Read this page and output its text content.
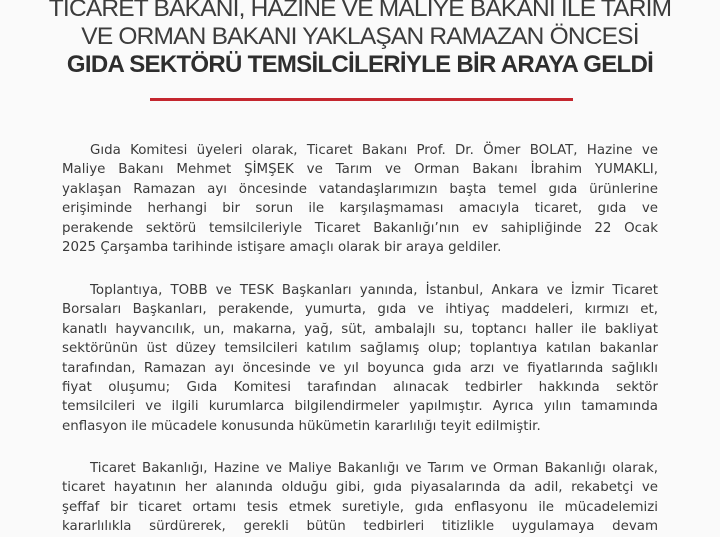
TICARET BAKANI, HAZINE VE MALIYE BAKANI ILE TARIM
VE ORMAN BAKANI YAKLAŞAN RAMAZAN ÖNCESİ
GIDA SEKTÖRÜ TEMSİLCİLERİYLE BİR ARAYA GELDİ
Gıda Komitesi üyeleri olarak, Ticaret Bakanı Prof. Dr. Ömer BOLAT, Hazine ve
Maliye Bakanı Mehmet ŞİMŞEK ve Tarım ve Orman Bakanı İbrahim YUMAKLI,
yaklaşan Ramazan ayı öncesinde vatandaşlarımızın başta temel gıda ürünlerine
erişiminde herhangi bir sorun ile karşılaşmaması amacıyla ticaret, gıda ve
perakende sektörü temsilcileriyle Ticaret Bakanlığı’nın ev sahipliğinde 22 Ocak
2025 Çarşamba tarihinde istişare amaçlı olarak bir araya geldiler.
Toplantıya, TOBB ve TESK Başkanları yanında, İstanbul, Ankara ve İzmir Ticaret
Borsaları Başkanları, perakende, yumurta, gıda ve ihtiyaç maddeleri, kırmızı et,
kanatlı hayvancılık, un, makarna, yağ, süt, ambalajlı su, toptancı haller ile bakliyat
sektörünün üst düzey temsilcileri katılım sağlamış olup; toplantıya katılan bakanlar
tarafından, Ramazan ayı öncesinde ve yıl boyunca gıda arzı ve fiyatlarında sağlıklı
fiyat oluşumu; Gıda Komitesi tarafından alınacak tedbirler hakkında sektör
temsilcileri ve ilgili kurumlarca bilgilendirmeler yapılmıştır. Ayrıca yılın tamamında
enflasyon ile mücadele konusunda hükümetin kararlılığı teyit edilmiştir.
Ticaret Bakanlığı, Hazine ve Maliye Bakanlığı ve Tarım ve Orman Bakanlığı olarak,
ticaret hayatının her alanında olduğu gibi, gıda piyasalarında da adil, rekabetçi ve
şeffaf bir ticaret ortamı tesis etmek suretiyle, gıda enflasyonu ile mücadelemizi
kararlılıkla sürdürerek, gerekli bütün tedbirleri titizlikle uygulamaya devam
